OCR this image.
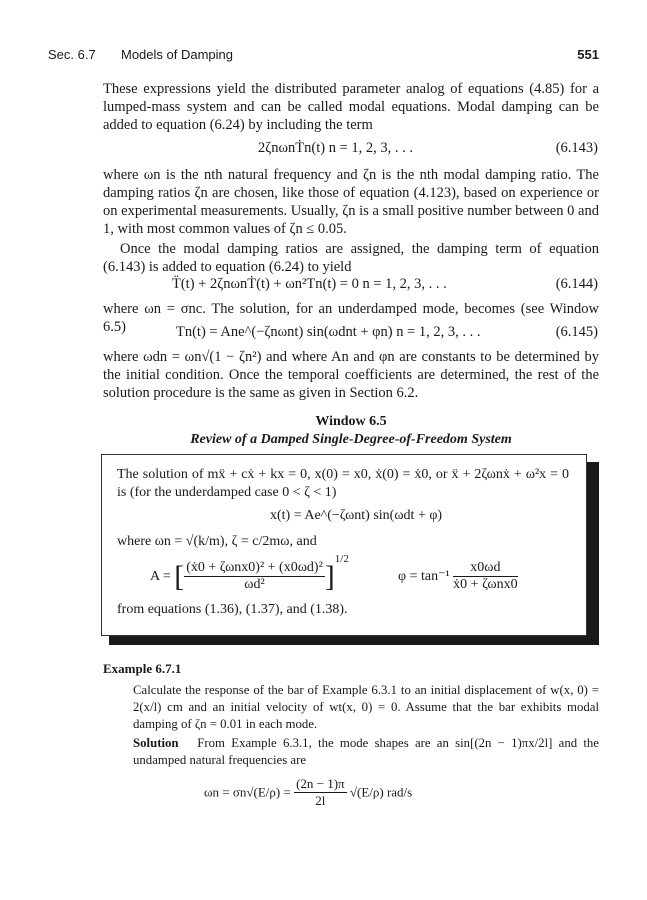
Sec. 6.7 Models of Damping	551
These expressions yield the distributed parameter analog of equations (4.85) for a lumped-mass system and can be called modal equations. Modal damping can be added to equation (6.24) by including the term
2ζnωnṪn(t) n = 1, 2, 3, . . .	(6.143)
where ωn is the nth natural frequency and ζn is the nth modal damping ratio. The damping ratios ζn are chosen, like those of equation (4.123), based on experience or on experimental measurements. Usually, ζn is a small positive number between 0 and 1, with most common values of ζn ≤ 0.05.
Once the modal damping ratios are assigned, the damping term of equation (6.143) is added to equation (6.24) to yield
T̈(t) + 2ζnωnṪ(t) + ωn²Tn(t) = 0 n = 1, 2, 3, . . .	(6.144)
where ωn = σnc. The solution, for an underdamped mode, becomes (see Window 6.5)	Tn(t) = Ane^(−ζnωnt) sin(ωdnt + φn) n = 1, 2, 3, . . .	(6.145)
where ωdn = ωn√(1 − ζn²) and where An and φn are constants to be determined by the initial condition. Once the temporal coefficients are determined, the rest of the solution procedure is the same as given in Section 6.2.
Window 6.5
Review of a Damped Single-Degree-of-Freedom System
The solution of mẍ + cẋ + kx = 0, x(0) = x0, ẋ(0) = ẋ0, or ẍ + 2ζωnẋ + ω²x = 0 is (for the underdamped case 0 < ζ < 1)
x(t) = Ae^(−ζωnt) sin(ωdt + φ)
where ωn = √(k/m), ζ = c/2mω, and
A = [ $\frac{\text{(ẋ0 + ζωnx0)² + (x0ωd)²}}{\text{ωd²}} ]^{1/2}$
$\varphi = \tan^{-1} \frac{x0\omega d}{\text{ẋ0 + ζωnx0}}$
from equations (1.36), (1.37), and (1.38).
Example 6.7.1
Calculate the response of the bar of Example 6.3.1 to an initial displacement of w(x, 0) = 2(x/l) cm and an initial velocity of wt(x, 0) = 0. Assume that the bar exhibits modal damping of ζn = 0.01 in each mode.
Solution From Example 6.3.1, the mode shapes are an sin[(2n − 1)πx/2l] and the undamped natural frequencies are
$\omega n = \sigma n√(E/\rho) = \frac{(2n - 1)\pi}{2l} √(E/\rho)$ rad/s
